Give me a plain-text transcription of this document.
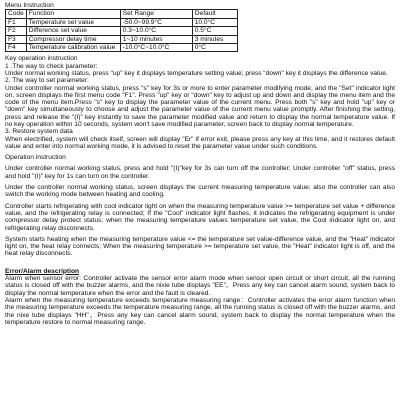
Menu Instruction
Code	Function	Set Range	Default
F1	Temperature set value	-50.0~99.9°C	10.0°C
F2	Difference set value	0.3~10.0°C	0.5°C
F3	Compressor delay time	1~10 minutes	3 minutes
F4	Temperature calibration value	-10.0°C~10.0°C	0°C
Key operation instruction
1 .The way to check parameter:

Under normal working status, press "up" key it displays temperature setting value; press "down" key it displays the difference value.

2. The way to set parameter:

Under controller normal working status, press "s" key for 3s or more to enter parameter modifying mode, and the "Set" indicator light on, screen displays the first menu code "F1". Press "up" key or "down" key to adjust up and down and display the menu item and the code of the menu item.Press "s" key to display the parameter value of the current menu. Press both "s" key and hold "up" key or "down" key simultaneously to choose and adjust the parameter value of the current menu value promptly. After finishing the setting, press and release the "(I)" key instantly to save the parameter modified value and return to display the normal temperature value. If no key operation within 10 seconds, system won't save modified parameter, screen back to display normal temperature.

3. Restore system data

When electrified, system will check itself, screen will display "Er" if error exit, please press any key at this time, and it restores default value and enter into normal working mode, it is advised to reset the parameter value under such conditions.

Operation instruction

Under controller normal working status, press and hold "(I)"key for 3s can turn off the controller; Under controller "off" status, press and hold "(I)" key for 1s can turn on the controller.

Under the controller normal working status, screen displays the current measuring temperature value; also the controller can also switch the working mode between heating and cooling.

Controller starts refrigerating with cool indicator light on when the measuring temperature value >= temperature set value + difference value, and the refrigerating relay is connected; If the "Cool" indicator light flashes, it indicates the refrigerating equipment is under compressor delay protect status; when the measuring temperature values temperature set value, the Cool indicator light on, and refrigerating relay disconnects.

System starts heating when the measuring temperature value <= the temperature set value-difference value, and the "Heat" indicator light on, the heat relay connects; When the measuring temperature >= temperature set value, the "Heat" indicator light is off, and the heat relay disconnects.

Error/Alarm description

Alarm when sensor error: Controller activate the sensor error alarm mode when sensor open circuit or short circuit, all the running status is closed off with the buzzer alarms, and the nixie tube displays "EE"。Press any key can cancel alarm sound, system back to display the normal temperature when the error and the fault is cleared.

Alarm when the measuring temperature exceeds temperature measuring range：Controller activates the error alarm function when the measuring temperature exceeds the temperature measuring range, all the running status is closed off with the buzzer alarms, and the nixe tube displays "HH"。Press any key can cancel alarm sound, system back to display the normal temperature when the temperature restore to normal measuring range.
